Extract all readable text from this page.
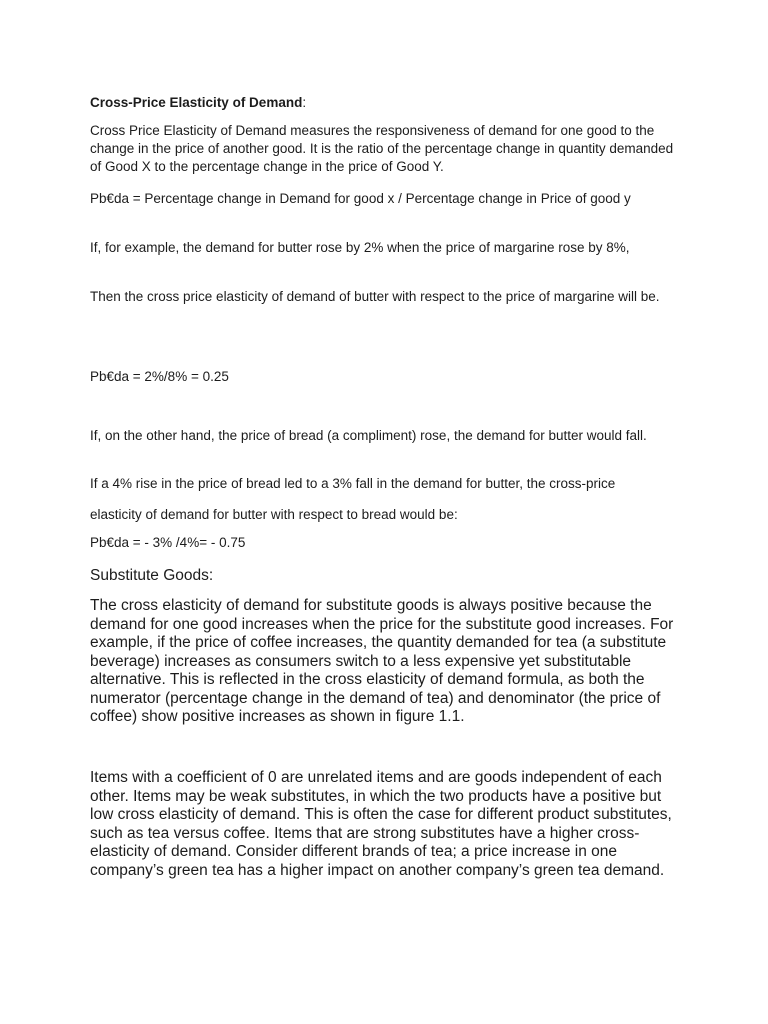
Cross-Price Elasticity of Demand:

Cross Price Elasticity of Demand measures the responsiveness of demand for one good to the change in the price of another good. It is the ratio of the percentage change in quantity demanded of Good X to the percentage change in the price of Good Y.

Pb€da = Percentage change in Demand for good x / Percentage change in Price of good y

If, for example, the demand for butter rose by 2% when the price of margarine rose by 8%,

Then the cross price elasticity of demand of butter with respect to the price of margarine will be.

Pb€da = 2%/8% = 0.25

If, on the other hand, the price of bread (a compliment) rose, the demand for butter would fall.

If a 4% rise in the price of bread led to a 3% fall in the demand for butter, the cross-price

elasticity of demand for butter with respect to bread would be:

Pb€da = - 3% /4%= - 0.75

Substitute Goods:

The cross elasticity of demand for substitute goods is always positive because the demand for one good increases when the price for the substitute good increases. For example, if the price of coffee increases, the quantity demanded for tea (a substitute beverage) increases as consumers switch to a less expensive yet substitutable alternative. This is reflected in the cross elasticity of demand formula, as both the numerator (percentage change in the demand of tea) and denominator (the price of coffee) show positive increases as shown in figure 1.1.

Items with a coefficient of 0 are unrelated items and are goods independent of each other. Items may be weak substitutes, in which the two products have a positive but low cross elasticity of demand. This is often the case for different product substitutes, such as tea versus coffee. Items that are strong substitutes have a higher cross-elasticity of demand. Consider different brands of tea; a price increase in one company’s green tea has a higher impact on another company’s green tea demand.
